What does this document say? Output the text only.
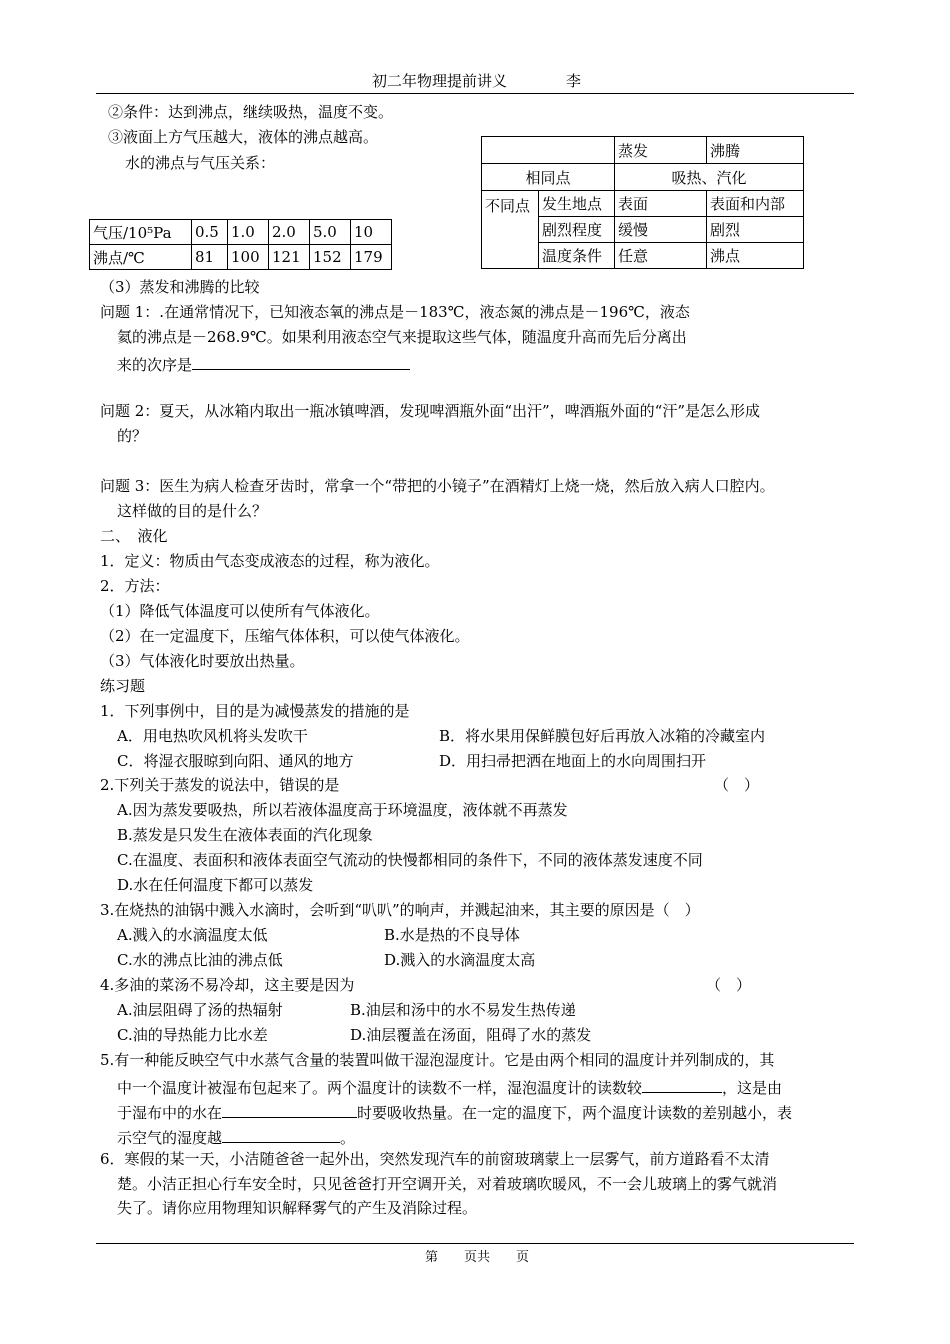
初二年物理提前讲义	李
②条件：达到沸点，继续吸热，温度不变。
③液面上方气压越大，液体的沸点越高。
水的沸点与气压关系：
气压/10⁵Pa	0.5	1.0	2.0	5.0	10
沸点/℃	81	100	121	152	179
		蒸发	沸腾
相同点		吸热、汽化	
不同点	发生地点	表面	表面和内部
	剧烈程度	缓慢	剧烈
	温度条件	任意	沸点
（3）蒸发和沸腾的比较
问题 1：.在通常情况下，已知液态氧的沸点是－183℃，液态氮的沸点是－196℃，液态
氦的沸点是－268.9℃。如果利用液态空气来提取这些气体，随温度升高而先后分离出
来的次序是
问题 2：夏天，从冰箱内取出一瓶冰镇啤酒，发现啤酒瓶外面“出汗”，啤酒瓶外面的“汗”是怎么形成
的？
问题 3：医生为病人检查牙齿时，常拿一个“带把的小镜子”在酒精灯上烧一烧，然后放入病人口腔内。
这样做的目的是什么？
二、　液化
1．定义：物质由气态变成液态的过程，称为液化。
2．方法：
（1）降低气体温度可以使所有气体液化。
（2）在一定温度下，压缩气体体积，可以使气体液化。
（3）气体液化时要放出热量。
练习题
1．下列事例中，目的是为减慢蒸发的措施的是
A．用电热吹风机将头发吹干	B．将水果用保鲜膜包好后再放入冰箱的冷藏室内
C．将湿衣服晾到向阳、通风的地方	D．用扫帚把洒在地面上的水向周围扫开
2.下列关于蒸发的说法中，错误的是	（　）
A.因为蒸发要吸热，所以若液体温度高于环境温度，液体就不再蒸发
B.蒸发是只发生在液体表面的汽化现象
C.在温度、表面积和液体表面空气流动的快慢都相同的条件下，不同的液体蒸发速度不同
D.水在任何温度下都可以蒸发
3.在烧热的油锅中溅入水滴时，会听到“叭叭”的响声，并溅起油来，其主要的原因是（　）
A.溅入的水滴温度太低	B.水是热的不良导体
C.水的沸点比油的沸点低	D.溅入的水滴温度太高
4.多油的菜汤不易冷却，这主要是因为	（　）
A.油层阻碍了汤的热辐射	B.油层和汤中的水不易发生热传递
C.油的导热能力比水差	D.油层覆盖在汤面，阻碍了水的蒸发
5.有一种能反映空气中水蒸气含量的装置叫做干湿泡湿度计。它是由两个相同的温度计并列制成的，其
中一个温度计被湿布包起来了。两个温度计的读数不一样，湿泡温度计的读数较	，这是由
于湿布中的水在	时要吸收热量。在一定的温度下，两个温度计读数的差别越小，表
示空气的湿度越	。
6．寒假的某一天，小洁随爸爸一起外出，突然发现汽车的前窗玻璃蒙上一层雾气，前方道路看不太清
楚。小洁正担心行车安全时，只见爸爸打开空调开关，对着玻璃吹暖风，不一会儿玻璃上的雾气就消
失了。请你应用物理知识解释雾气的产生及消除过程。
第　　页共　　页
